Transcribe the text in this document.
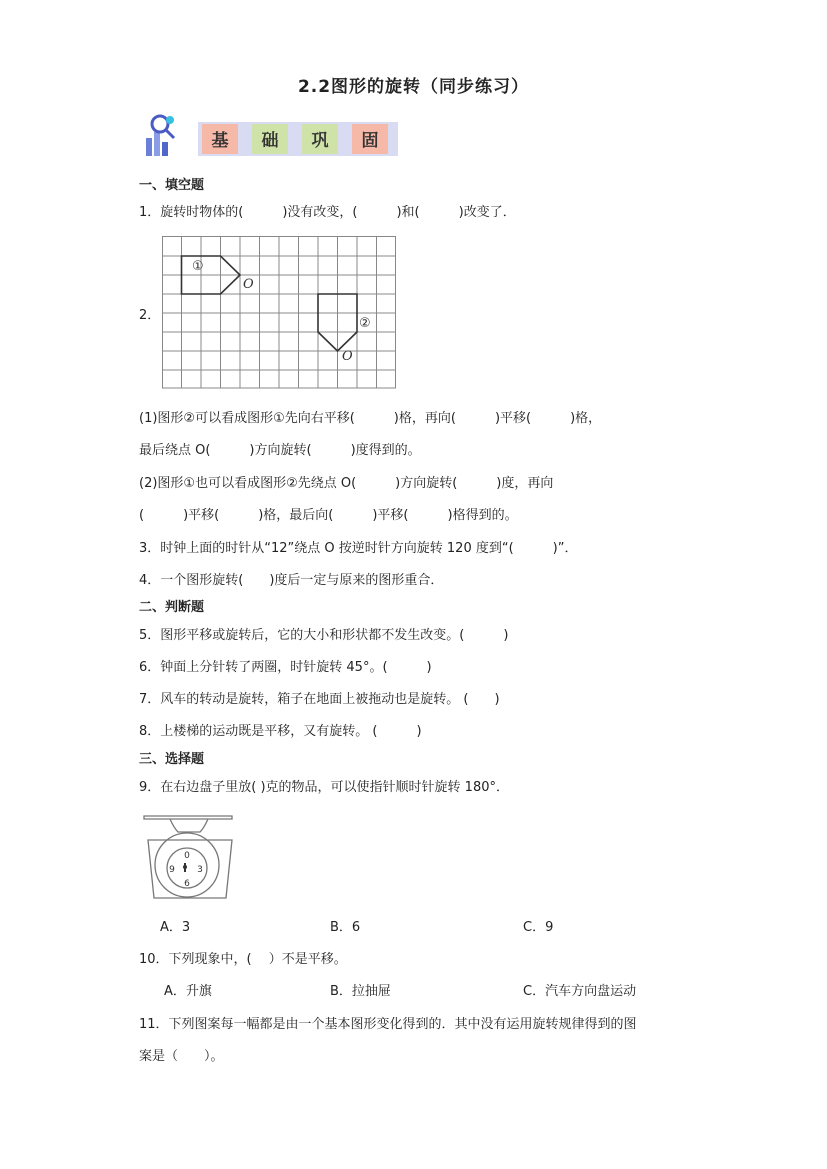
2.2图形的旋转（同步练习）
基 础 巩 固
一、填空题
1．旋转时物体的(　　　)没有改变，(　　　)和(　　　)改变了．
2．
①
②
O
O
(1)图形②可以看成图形①先向右平移(　　　)格，再向(　　　)平移(　　　)格，
最后绕点 O(　　　)方向旋转(　　　)度得到的。
(2)图形①也可以看成图形②先绕点 O(　　　)方向旋转(　　　)度，再向
(　　　)平移(　　　)格，最后向(　　　)平移(　　　)格得到的。
3．时钟上面的时针从“12”绕点 O 按逆时针方向旋转 120 度到“(　　　)”．
4．一个图形旋转(　　)度后一定与原来的图形重合．
二、判断题
5．图形平移或旋转后，它的大小和形状都不发生改变。(　　　)
6．钟面上分针转了两圈，时针旋转 45°。(　　　)
7．风车的转动是旋转，箱子在地面上被拖动也是旋转。 (　　)
8．上楼梯的运动既是平移，又有旋转。 (　　　)
三、选择题
9．在右边盘子里放( )克的物品，可以使指针顺时针旋转 180°．
0
9 3
6
A．3	B．6	C．9
10．下列现象中，(　 ）不是平移。
A．升旗	B．拉抽屉	C．汽车方向盘运动
11．下列图案每一幅都是由一个基本图形变化得到的．其中没有运用旋转规律得到的图
案是（　　）。
